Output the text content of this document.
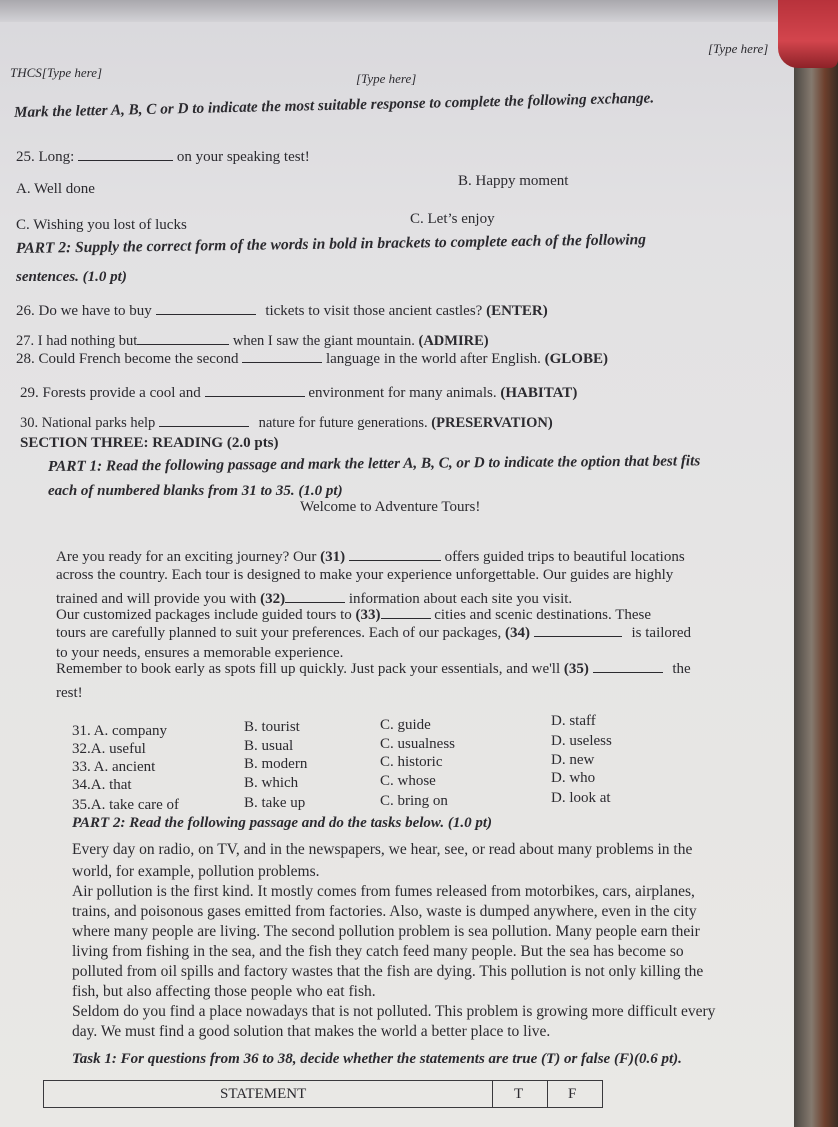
THCS[Type here]	[Type here]
[Type here]
Mark the letter A, B, C or D to indicate the most suitable response to complete the following exchange.
25. Long:	on your speaking test!
A. Well done	B. Happy moment
C. Wishing you lost of lucks	C. Let’s enjoy
PART 2: Supply the correct form of the words in bold in brackets to complete each of the following
sentences. (1.0 pt)
26. Do we have to buy	tickets to visit those ancient castles? (ENTER)
27. I had nothing but	when I saw the giant mountain. (ADMIRE)
28. Could French become the second	language in the world after English. (GLOBE)
29. Forests provide a cool and	environment for many animals. (HABITAT)
30. National parks help	nature for future generations. (PRESERVATION)
SECTION THREE: READING (2.0 pts)
PART 1: Read the following passage and mark the letter A, B, C, or D to indicate the option that best fits
each of numbered blanks from 31 to 35. (1.0 pt)
Welcome to Adventure Tours!
Are you ready for an exciting journey? Our (31)	offers guided trips to beautiful locations
across the country. Each tour is designed to make your experience unforgettable. Our guides are highly
trained and will provide you with (32)	information about each site you visit.
Our customized packages include guided tours to (33)	cities and scenic destinations. These
tours are carefully planned to suit your preferences. Each of our packages, (34)	is tailored
to your needs, ensures a memorable experience.
Remember to book early as spots fill up quickly. Just pack your essentials, and we'll (35)	the
rest!
31. A. company	B. tourist	C. guide	D. staff
32.A. useful	B. usual	C. usualness	D. useless
33. A. ancient	B. modern	C. historic	D. new
34.A. that	B. which	C. whose	D. who
35.A. take care of	B. take up	C. bring on	D. look at
PART 2: Read the following passage and do the tasks below. (1.0 pt)
Every day on radio, on TV, and in the newspapers, we hear, see, or read about many problems in the
world, for example, pollution problems.
Air pollution is the first kind. It mostly comes from fumes released from motorbikes, cars, airplanes,
trains, and poisonous gases emitted from factories. Also, waste is dumped anywhere, even in the city
where many people are living. The second pollution problem is sea pollution. Many people earn their
living from fishing in the sea, and the fish they catch feed many people. But the sea has become so
polluted from oil spills and factory wastes that the fish are dying. This pollution is not only killing the
fish, but also affecting those people who eat fish.
Seldom do you find a place nowadays that is not polluted. This problem is growing more difficult every
day. We must find a good solution that makes the world a better place to live.
Task 1: For questions from 36 to 38, decide whether the statements are true (T) or false (F)(0.6 pt).
STATEMENT	T	F
